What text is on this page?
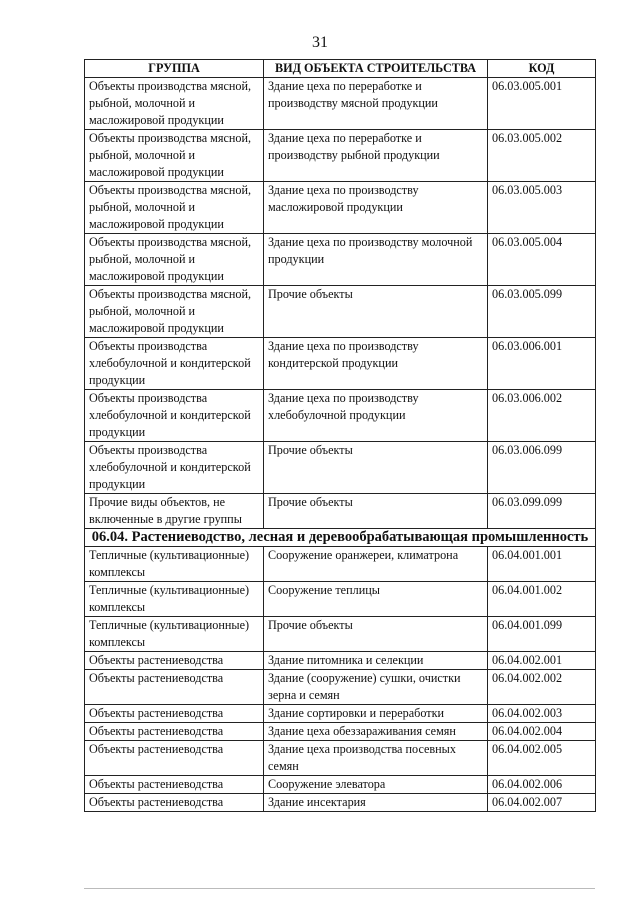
31
ГРУППА	ВИД ОБЪЕКТА СТРОИТЕЛЬСТВА	КОД
Объекты производства мясной, рыбной, молочной и масложировой продукции	Здание цеха по переработке и производству мясной продукции	06.03.005.001
Объекты производства мясной, рыбной, молочной и масложировой продукции	Здание цеха по переработке и производству рыбной продукции	06.03.005.002
Объекты производства мясной, рыбной, молочной и масложировой продукции	Здание цеха по производству масложировой продукции	06.03.005.003
Объекты производства мясной, рыбной, молочной и масложировой продукции	Здание цеха по производству молочной продукции	06.03.005.004
Объекты производства мясной, рыбной, молочной и масложировой продукции	Прочие объекты	06.03.005.099
Объекты производства хлебобулочной и кондитерской продукции	Здание цеха по производству кондитерской продукции	06.03.006.001
Объекты производства хлебобулочной и кондитерской продукции	Здание цеха по производству хлебобулочной продукции	06.03.006.002
Объекты производства хлебобулочной и кондитерской продукции	Прочие объекты	06.03.006.099
Прочие виды объектов, не включенные в другие группы	Прочие объекты	06.03.099.099
06.04. Растениеводство, лесная и деревообрабатывающая промышленность		
Тепличные (культивационные) комплексы	Сооружение оранжереи, климатрона	06.04.001.001
Тепличные (культивационные) комплексы	Сооружение теплицы	06.04.001.002
Тепличные (культивационные) комплексы	Прочие объекты	06.04.001.099
Объекты растениеводства	Здание питомника и селекции	06.04.002.001
Объекты растениеводства	Здание (сооружение) сушки, очистки зерна и семян	06.04.002.002
Объекты растениеводства	Здание сортировки и переработки	06.04.002.003
Объекты растениеводства	Здание цеха обеззараживания семян	06.04.002.004
Объекты растениеводства	Здание цеха производства посевных семян	06.04.002.005
Объекты растениеводства	Сооружение элеватора	06.04.002.006
Объекты растениеводства	Здание инсектария	06.04.002.007
